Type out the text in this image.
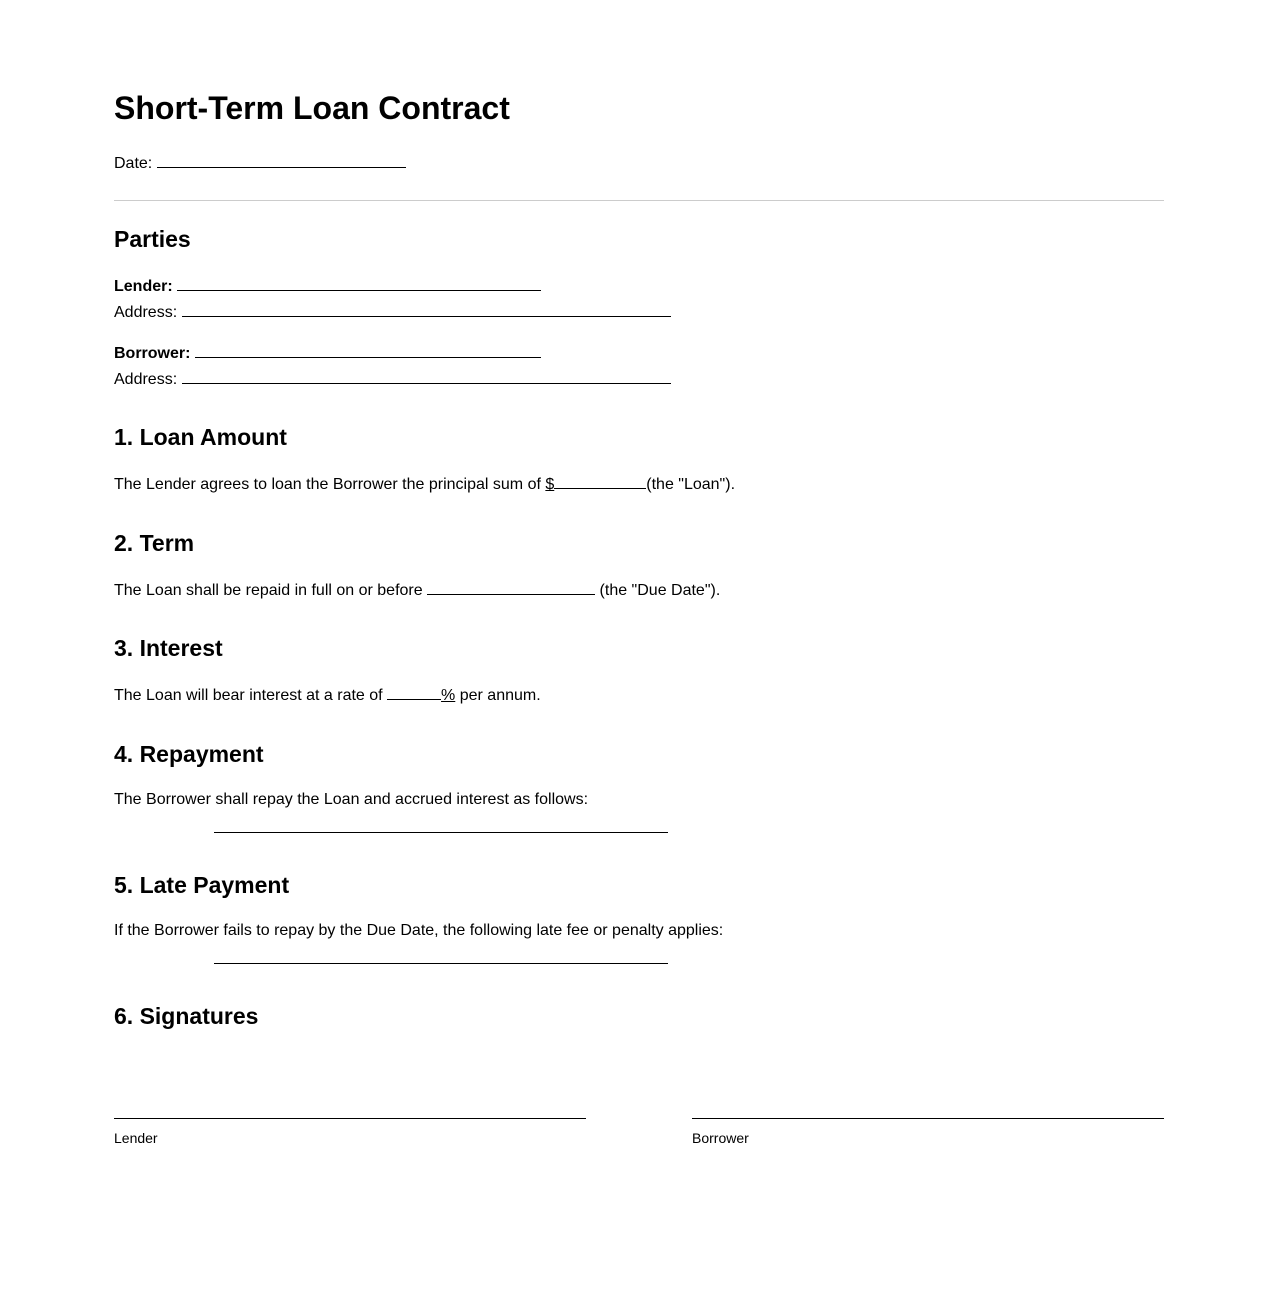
Short-Term Loan Contract
Date:
Parties
Lender:
Address:
Borrower:
Address:
1. Loan Amount
The Lender agrees to loan the Borrower the principal sum of $	(the "Loan").
2. Term
The Loan shall be repaid in full on or before	(the "Due Date").
3. Interest
The Loan will bear interest at a rate of	% per annum.
4. Repayment
The Borrower shall repay the Loan and accrued interest as follows:
5. Late Payment
If the Borrower fails to repay by the Due Date, the following late fee or penalty applies:
6. Signatures
Lender	Borrower
